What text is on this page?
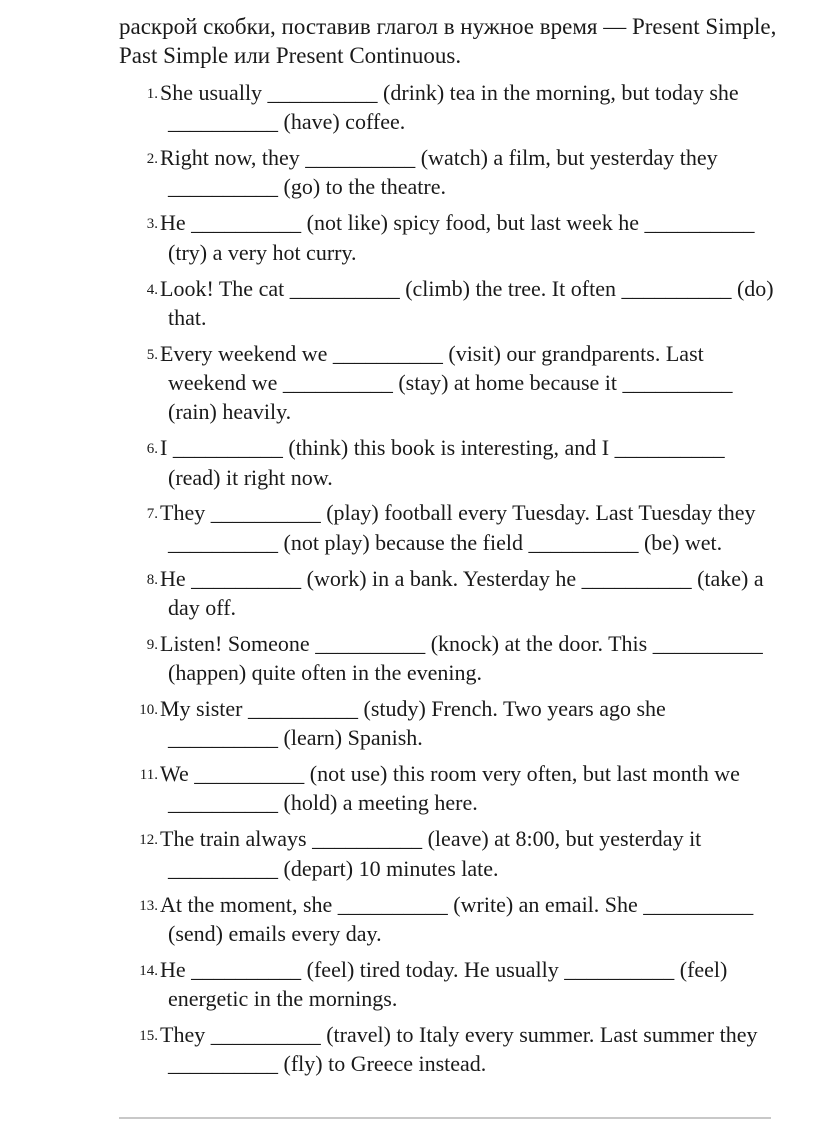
раскрой скобки, поставив глагол в нужное время — Present Simple, Past Simple или Present Continuous.

1. She usually __________ (drink) tea in the morning, but today she __________ (have) coffee.
2. Right now, they __________ (watch) a film, but yesterday they __________ (go) to the theatre.
3. He __________ (not like) spicy food, but last week he __________ (try) a very hot curry.
4. Look! The cat __________ (climb) the tree. It often __________ (do) that.
5. Every weekend we __________ (visit) our grandparents. Last weekend we __________ (stay) at home because it __________ (rain) heavily.
6. I __________ (think) this book is interesting, and I __________ (read) it right now.
7. They __________ (play) football every Tuesday. Last Tuesday they __________ (not play) because the field __________ (be) wet.
8. He __________ (work) in a bank. Yesterday he __________ (take) a day off.
9. Listen! Someone __________ (knock) at the door. This __________ (happen) quite often in the evening.
10. My sister __________ (study) French. Two years ago she __________ (learn) Spanish.
11. We __________ (not use) this room very often, but last month we __________ (hold) a meeting here.
12. The train always __________ (leave) at 8:00, but yesterday it __________ (depart) 10 minutes late.
13. At the moment, she __________ (write) an email. She __________ (send) emails every day.
14. He __________ (feel) tired today. He usually __________ (feel) energetic in the mornings.
15. They __________ (travel) to Italy every summer. Last summer they __________ (fly) to Greece instead.
